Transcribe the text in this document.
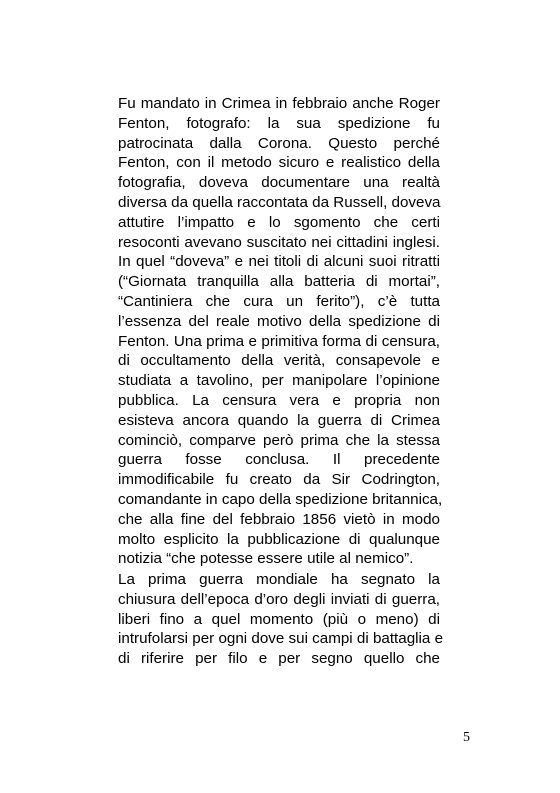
Fu mandato in Crimea in febbraio anche Roger
Fenton, fotografo: la sua spedizione fu
patrocinata dalla Corona. Questo perché
Fenton, con il metodo sicuro e realistico della
fotografia, doveva documentare una realtà
diversa da quella raccontata da Russell, doveva
attutire l’impatto e lo sgomento che certi
resoconti avevano suscitato nei cittadini inglesi.
In quel “doveva” e nei titoli di alcuni suoi ritratti
(“Giornata tranquilla alla batteria di mortai”,
“Cantiniera che cura un ferito”), c’è tutta
l’essenza del reale motivo della spedizione di
Fenton. Una prima e primitiva forma di censura,
di occultamento della verità, consapevole e
studiata a tavolino, per manipolare l’opinione
pubblica. La censura vera e propria non
esisteva ancora quando la guerra di Crimea
cominciò, comparve però prima che la stessa
guerra fosse conclusa. Il precedente
immodificabile fu creato da Sir Codrington,
comandante in capo della spedizione britannica,
che alla fine del febbraio 1856 vietò in modo
molto esplicito la pubblicazione di qualunque
notizia “che potesse essere utile al nemico”.
La prima guerra mondiale ha segnato la
chiusura dell’epoca d’oro degli inviati di guerra,
liberi fino a quel momento (più o meno) di
intrufolarsi per ogni dove sui campi di battaglia e
di riferire per filo e per segno quello che
5
